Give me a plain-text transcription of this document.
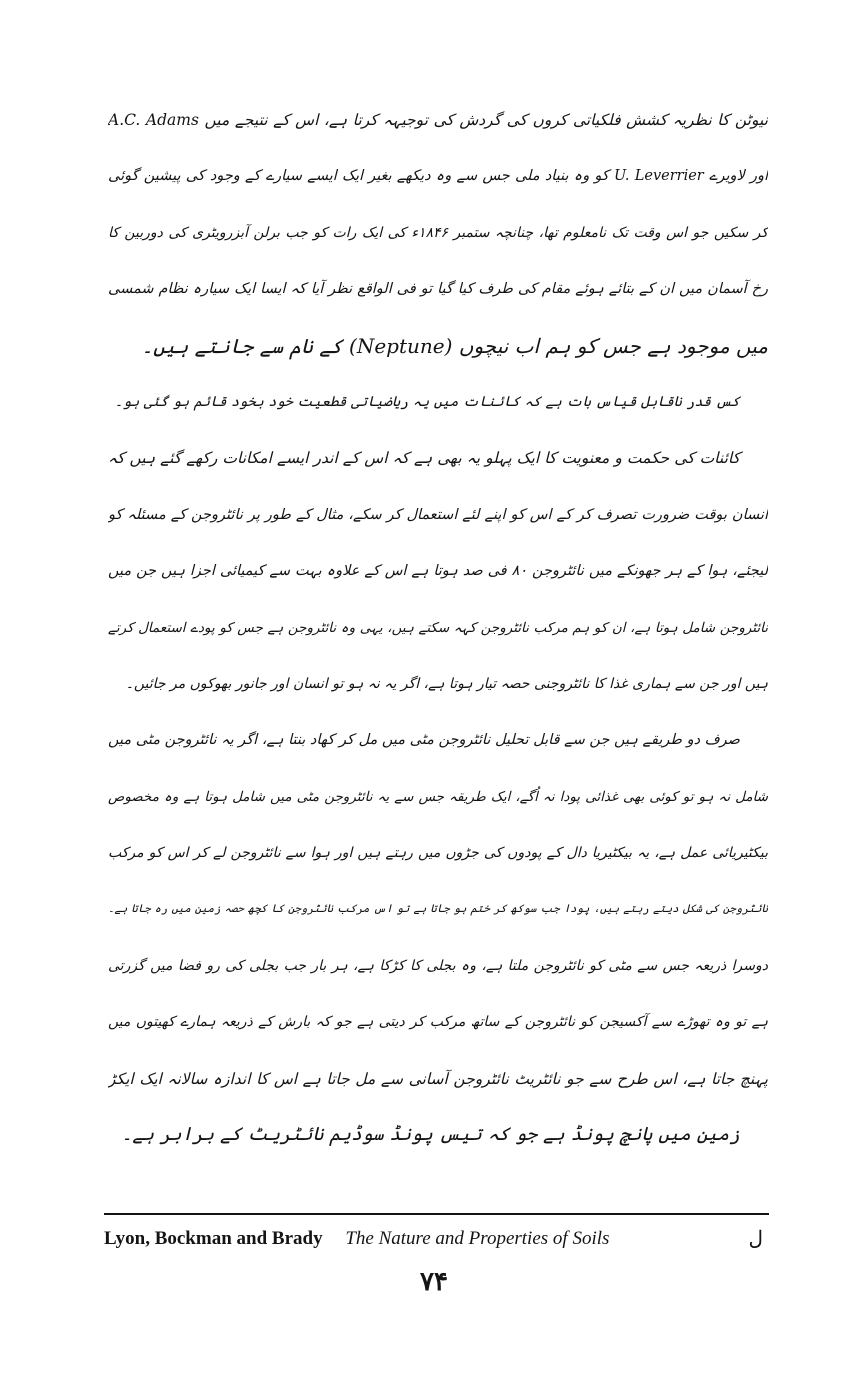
نیوٹن کا نظریہ کشش فلکیاتی کروں کی گردش کی توجیہہ کرتا ہے، اس کے نتیجے میں A.C. Adams
اور لاویرے U. Leverrier کو وہ بنیاد ملی جس سے وہ دیکھے بغیر ایک ایسے سیارے کے وجود کی پیشین گوئی
کر سکیں جو اس وقت تک نامعلوم تھا، چنانچہ ستمبر ۱۸۴۶ء کی ایک رات کو جب برلن آبزرویٹری کی دوربین کا
رخ آسمان میں ان کے بتائے ہوئے مقام کی طرف کیا گیا تو فی الواقع نظر آیا کہ ایسا ایک سیارہ نظام شمسی
میں موجود ہے جس کو ہم اب نیچوں (Neptune) کے نام سے جانتے ہیں۔
کس قدر ناقابل قیاس بات ہے کہ کائنات میں یہ ریاضیاتی قطعیت خود بخود قائم ہو گئی ہو۔
کائنات کی حکمت و معنویت کا ایک پہلو یہ بھی ہے کہ اس کے اندر ایسے امکانات رکھے گئے ہیں کہ
انسان بوقت ضرورت تصرف کر کے اس کو اپنے لئے استعمال کر سکے، مثال کے طور پر نائٹروجن کے مسئلہ کو
لیجئے، ہوا کے ہر جھونکے میں نائٹروجن ۸۰ فی صد ہوتا ہے اس کے علاوہ بہت سے کیمیائی اجزا ہیں جن میں
نائٹروجن شامل ہوتا ہے، ان کو ہم مرکب نائٹروجن کہہ سکتے ہیں، یہی وہ نائٹروجن ہے جس کو پودے استعمال کرتے
ہیں اور جن سے ہماری غذا کا نائٹروجنی حصہ تیار ہوتا ہے، اگر یہ نہ ہو تو انسان اور جانور بھوکوں مر جائیں۔
صرف دو طریقے ہیں جن سے قابل تحلیل نائٹروجن مٹی میں مل کر کھاد بنتا ہے، اگر یہ نائٹروجن مٹی میں
شامل نہ ہو تو کوئی بھی غذائی پودا نہ اُگے، ایک طریقہ جس سے یہ نائٹروجن مٹی میں شامل ہوتا ہے وہ مخصوص
بیکٹیریائی عمل ہے، یہ بیکٹیریا دال کے پودوں کی جڑوں میں رہتے ہیں اور ہوا سے نائٹروجن لے کر اس کو مرکب
نائٹروجن کی شکل دیتے رہتے ہیں، پودا جب سوکھ کر ختم ہو جاتا ہے تو اس مرکب نائٹروجن کا کچھ حصہ زمین میں رہ جاتا ہے۔
دوسرا ذریعہ جس سے مٹی کو نائٹروجن ملتا ہے، وہ بجلی کا کڑکا ہے، ہر بار جب بجلی کی رو فضا میں گزرتی
ہے تو وہ تھوڑے سے آکسیجن کو نائٹروجن کے ساتھ مرکب کر دیتی ہے جو کہ بارش کے ذریعہ ہمارے کھیتوں میں
پہنچ جاتا ہے، اس طرح سے جو نائٹریٹ نائٹروجن آسانی سے مل جاتا ہے اس کا اندازہ سالانہ ایک ایکڑ
زمین میں پانچ پونڈ ہے جو کہ تیس پونڈ سوڈیم نائٹریٹ کے برابر ہے۔
Lyon, Bockman and Brady The Nature and Properties of Soils	ل
۷۴
